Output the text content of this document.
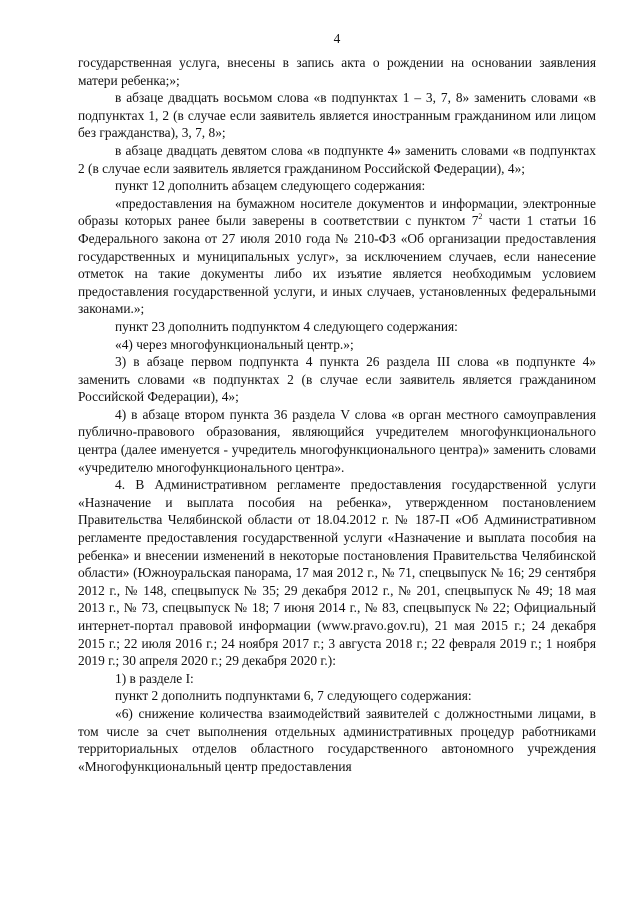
4

государственная услуга, внесены в запись акта о рождении на основании заявления матери ребенка;»;

в абзаце двадцать восьмом слова «в подпунктах 1 – 3, 7, 8» заменить словами «в подпунктах 1, 2 (в случае если заявитель является иностранным гражданином или лицом без гражданства), 3, 7, 8»;

в абзаце двадцать девятом слова «в подпункте 4» заменить словами «в подпунктах 2 (в случае если заявитель является гражданином Российской Федерации), 4»;

пункт 12 дополнить абзацем следующего содержания:

«предоставления на бумажном носителе документов и информации, электронные образы которых ранее были заверены в соответствии с пунктом $7^2$ части 1 статьи 16 Федерального закона от 27 июля 2010 года № 210-ФЗ «Об организации предоставления государственных и муниципальных услуг», за исключением случаев, если нанесение отметок на такие документы либо их изъятие является необходимым условием предоставления государственной услуги, и иных случаев, установленных федеральными законами.»;

пункт 23 дополнить подпунктом 4 следующего содержания:

«4) через многофункциональный центр.»;

3) в абзаце первом подпункта 4 пункта 26 раздела III слова «в подпункте 4» заменить словами «в подпунктах 2 (в случае если заявитель является гражданином Российской Федерации), 4»;

4) в абзаце втором пункта 36 раздела V слова «в орган местного самоуправления публично-правового образования, являющийся учредителем многофункционального центра (далее именуется - учредитель многофункционального центра)» заменить словами «учредителю многофункционального центра».

4. В Административном регламенте предоставления государственной услуги «Назначение и выплата пособия на ребенка», утвержденном постановлением Правительства Челябинской области от 18.04.2012 г. № 187-П «Об Административном регламенте предоставления государственной услуги «Назначение и выплата пособия на ребенка» и внесении изменений в некоторые постановления Правительства Челябинской области» (Южноуральская панорама, 17 мая 2012 г., № 71, спецвыпуск № 16; 29 сентября 2012 г., № 148, спецвыпуск № 35; 29 декабря 2012 г., № 201, спецвыпуск № 49; 18 мая 2013 г., № 73, спецвыпуск № 18; 7 июня 2014 г., № 83, спецвыпуск № 22; Официальный интернет-портал правовой информации (www.pravo.gov.ru), 21 мая 2015 г.; 24 декабря 2015 г.; 22 июля 2016 г.; 24 ноября 2017 г.; 3 августа 2018 г.; 22 февраля 2019 г.; 1 ноября 2019 г.; 30 апреля 2020 г.; 29 декабря 2020 г.):

1) в разделе I:

пункт 2 дополнить подпунктами 6, 7 следующего содержания:

«6) снижение количества взаимодействий заявителей с должностными лицами, в том числе за счет выполнения отдельных административных процедур работниками территориальных отделов областного государственного автономного учреждения «Многофункциональный центр предоставления
